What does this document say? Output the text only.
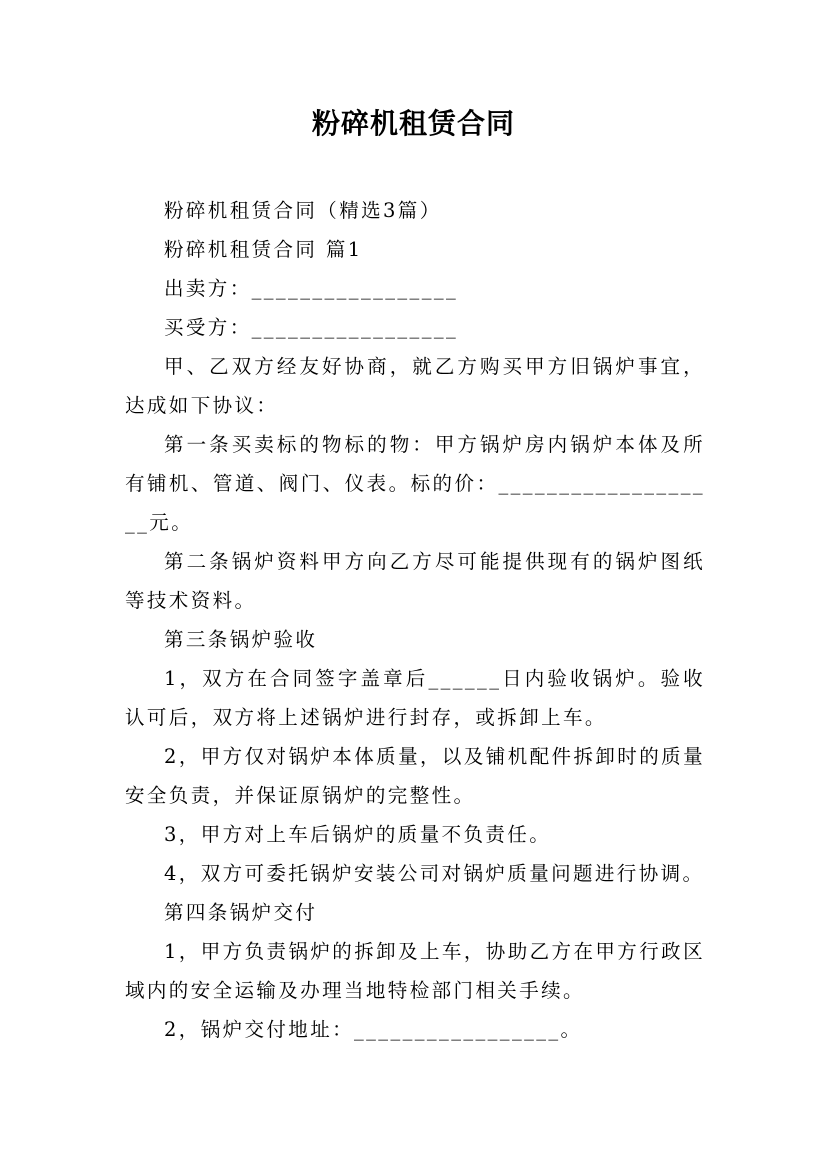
粉碎机租赁合同

粉碎机租赁合同（精选3篇）

粉碎机租赁合同 篇1

出卖方：_________________

买受方：_________________

甲、乙双方经友好协商，就乙方购买甲方旧锅炉事宜，达成如下协议：

第一条买卖标的物标的物：甲方锅炉房内锅炉本体及所有铺机、管道、阀门、仪表。标的价：___________________元。

第二条锅炉资料甲方向乙方尽可能提供现有的锅炉图纸等技术资料。

第三条锅炉验收

1，双方在合同签字盖章后______日内验收锅炉。验收认可后，双方将上述锅炉进行封存，或拆卸上车。

2，甲方仅对锅炉本体质量，以及铺机配件拆卸时的质量安全负责，并保证原锅炉的完整性。

3，甲方对上车后锅炉的质量不负责任。

4，双方可委托锅炉安装公司对锅炉质量问题进行协调。

第四条锅炉交付

1，甲方负责锅炉的拆卸及上车，协助乙方在甲方行政区域内的安全运输及办理当地特检部门相关手续。

2，锅炉交付地址：_________________。
